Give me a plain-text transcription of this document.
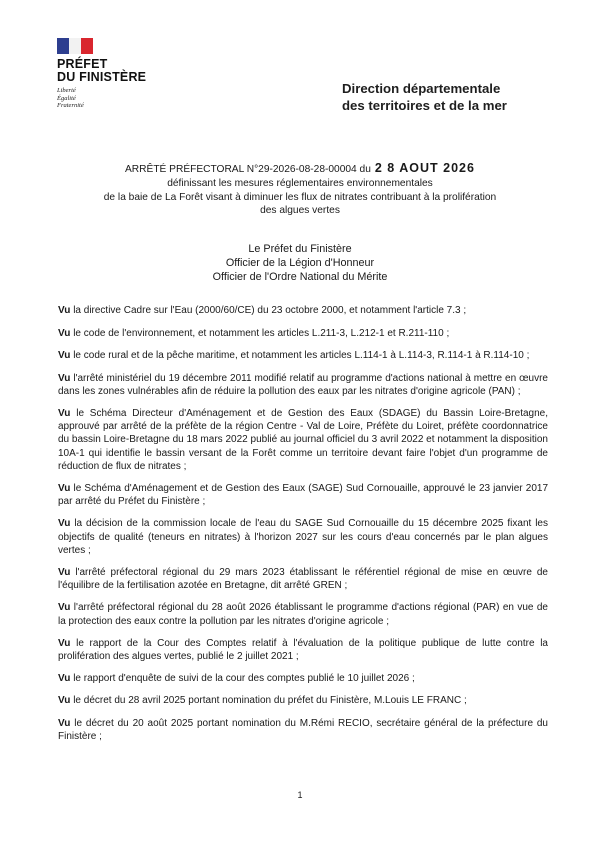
PRÉFET
DU FINISTÈRE
Liberté
Égalité
Fraternité
Direction départementale
des territoires et de la mer
ARRÊTÉ PRÉFECTORAL N°29-2026-08-28-00004 du 2 8 AOUT 2026
définissant les mesures réglementaires environnementales
de la baie de La Forêt visant à diminuer les flux de nitrates contribuant à la prolifération
des algues vertes
Le Préfet du Finistère
Officier de la Légion d'Honneur
Officier de l'Ordre National du Mérite

Vu la directive Cadre sur l'Eau (2000/60/CE) du 23 octobre 2000, et notamment l'article 7.3 ;

Vu le code de l'environnement, et notamment les articles L.211-3, L.212-1 et R.211-110 ;

Vu le code rural et de la pêche maritime, et notamment les articles L.114-1 à L.114-3, R.114-1 à R.114-10 ;

Vu l'arrêté ministériel du 19 décembre 2011 modifié relatif au programme d'actions national à mettre en œuvre dans les zones vulnérables afin de réduire la pollution des eaux par les nitrates d'origine agricole (PAN) ;

Vu le Schéma Directeur d'Aménagement et de Gestion des Eaux (SDAGE) du Bassin Loire-Bretagne, approuvé par arrêté de la préfète de la région Centre - Val de Loire, Préfète du Loiret, préfète coordonnatrice du bassin Loire-Bretagne du 18 mars 2022 publié au journal officiel du 3 avril 2022 et notamment la disposition 10A-1 qui identifie le bassin versant de la Forêt comme un territoire devant faire l'objet d'un programme de réduction de flux de nitrates ;

Vu le Schéma d'Aménagement et de Gestion des Eaux (SAGE) Sud Cornouaille, approuvé le 23 janvier 2017 par arrêté du Préfet du Finistère ;

Vu la décision de la commission locale de l'eau du SAGE Sud Cornouaille du 15 décembre 2025 fixant les objectifs de qualité (teneurs en nitrates) à l'horizon 2027 sur les cours d'eau concernés par le plan algues vertes ;

Vu l'arrêté préfectoral régional du 29 mars 2023 établissant le référentiel régional de mise en œuvre de l'équilibre de la fertilisation azotée en Bretagne, dit arrêté GREN ;

Vu l'arrêté préfectoral régional du 28 août 2026 établissant le programme d'actions régional (PAR) en vue de la protection des eaux contre la pollution par les nitrates d'origine agricole ;

Vu le rapport de la Cour des Comptes relatif à l'évaluation de la politique publique de lutte contre la prolifération des algues vertes, publié le 2 juillet 2021 ;

Vu le rapport d'enquête de suivi de la cour des comptes publié le 10 juillet 2026 ;

Vu le décret du 28 avril 2025 portant nomination du préfet du Finistère, M.Louis LE FRANC ;

Vu le décret du 20 août 2025 portant nomination du M.Rémi RECIO, secrétaire général de la préfecture du Finistère ;

1
